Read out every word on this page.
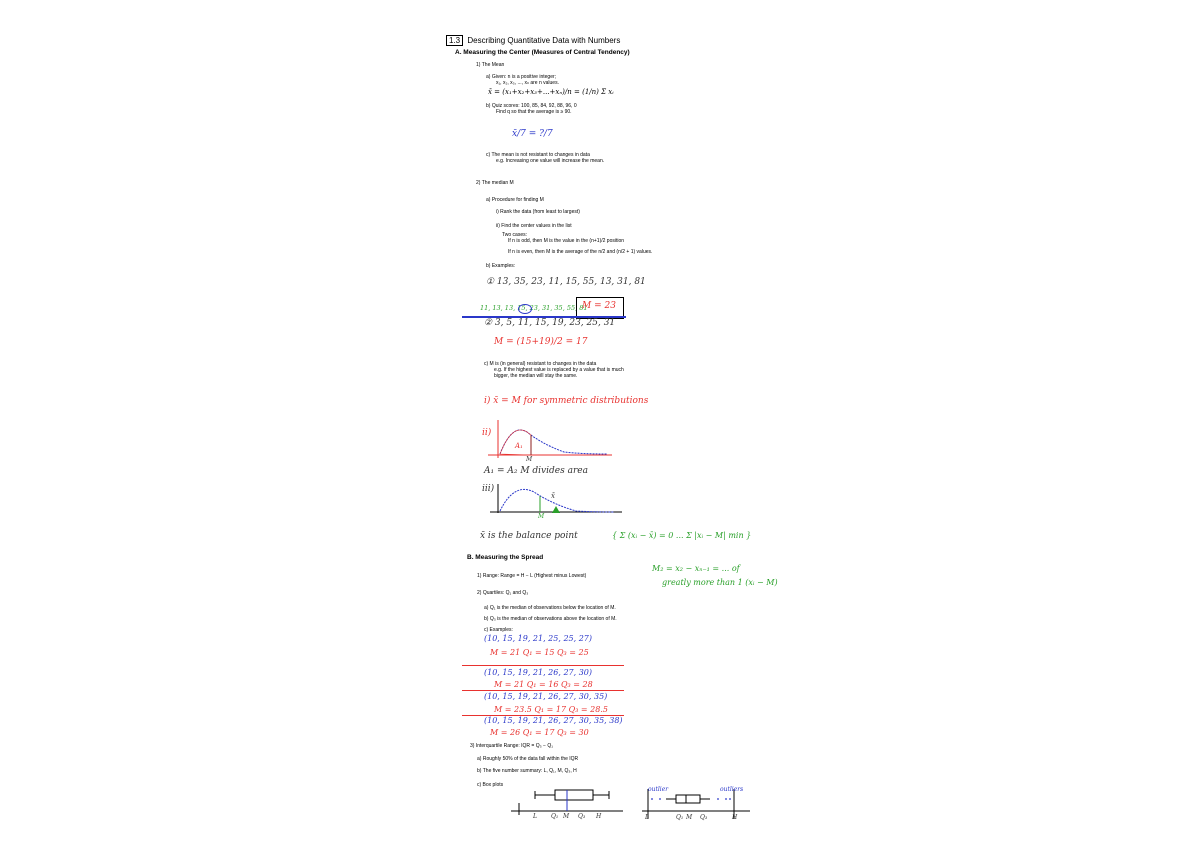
1.3 Describing Quantitative Data with Numbers
A. Measuring the Center (Measures of Central Tendency)
1) The Mean
a) Given: n is a positive integer;
x₁, x₂, x₃, ..., xₙ are n values.
x̄ = (x₁+x₂+x₃+...+xₙ)/n = (1/n) Σ xᵢ
b) Quiz scores: 100, 85, 84, 92, 88, 96, 0
Find q so that the average is ≥ 90.
x̄/7 = ?/7
c) The mean is not resistant to changes in data
e.g. Increasing one value will increase the mean.
2) The median M
a) Procedure for finding M
i) Rank the data (from least to largest)
ii) Find the center values in the list
Two cases:
If n is odd, then M is the value in the (n+1)/2 position
If n is even, then M is the average of the n/2 and (n/2 + 1) values.
b) Examples:
① 13, 35, 23, 11, 15, 55, 13, 31, 81
11, 13, 13, 15, 23, 31, 35, 55, 81
M = 23
② 3, 5, 11, 15, 19, 23, 25, 31
M = (15+19)/2 = 17
c) M is (in general) resistant to changes in the data
e.g. If the highest value is replaced by a value that is much
bigger, the median will stay the same.
i) x̄ = M for symmetric distributions
ii)
A₁
M
A₁ = A₂ M divides area
iii)
x̄
M
x̄ is the balance point	{ Σ (xᵢ − x̄) = 0 ... Σ |xᵢ − M| min }
M₂ = x₂ − xₙ₋₁ = ... of
greatly more than 1 (xᵢ − M)
B. Measuring the Spread
1) Range: Range = H − L (Highest minus Lowest)
2) Quartiles: Q₁ and Q₃
a) Q₁ is the median of observations below the location of M.
b) Q₃ is the median of observations above the location of M.
c) Examples:
(10, 15, 19, 21, 25, 25, 27)
M = 21 Q₁ = 15 Q₃ = 25
(10, 15, 19, 21, 26, 27, 30)
M = 21 Q₁ = 16 Q₃ = 28
(10, 15, 19, 21, 26, 27, 30, 35)
M = 23.5 Q₁ = 17 Q₃ = 28.5
(10, 15, 19, 21, 26, 27, 30, 35, 38)
M = 26 Q₁ = 17 Q₃ = 30
3) Interquartile Range: IQR = Q₃ − Q₁
a) Roughly 50% of the data fall within the IQR
b) The five number summary: L, Q₁, M, Q₃, H
c) Box plots
L Q₁ M Q₃ H
outlier	outliers
L	Q₁ M Q₃	H
